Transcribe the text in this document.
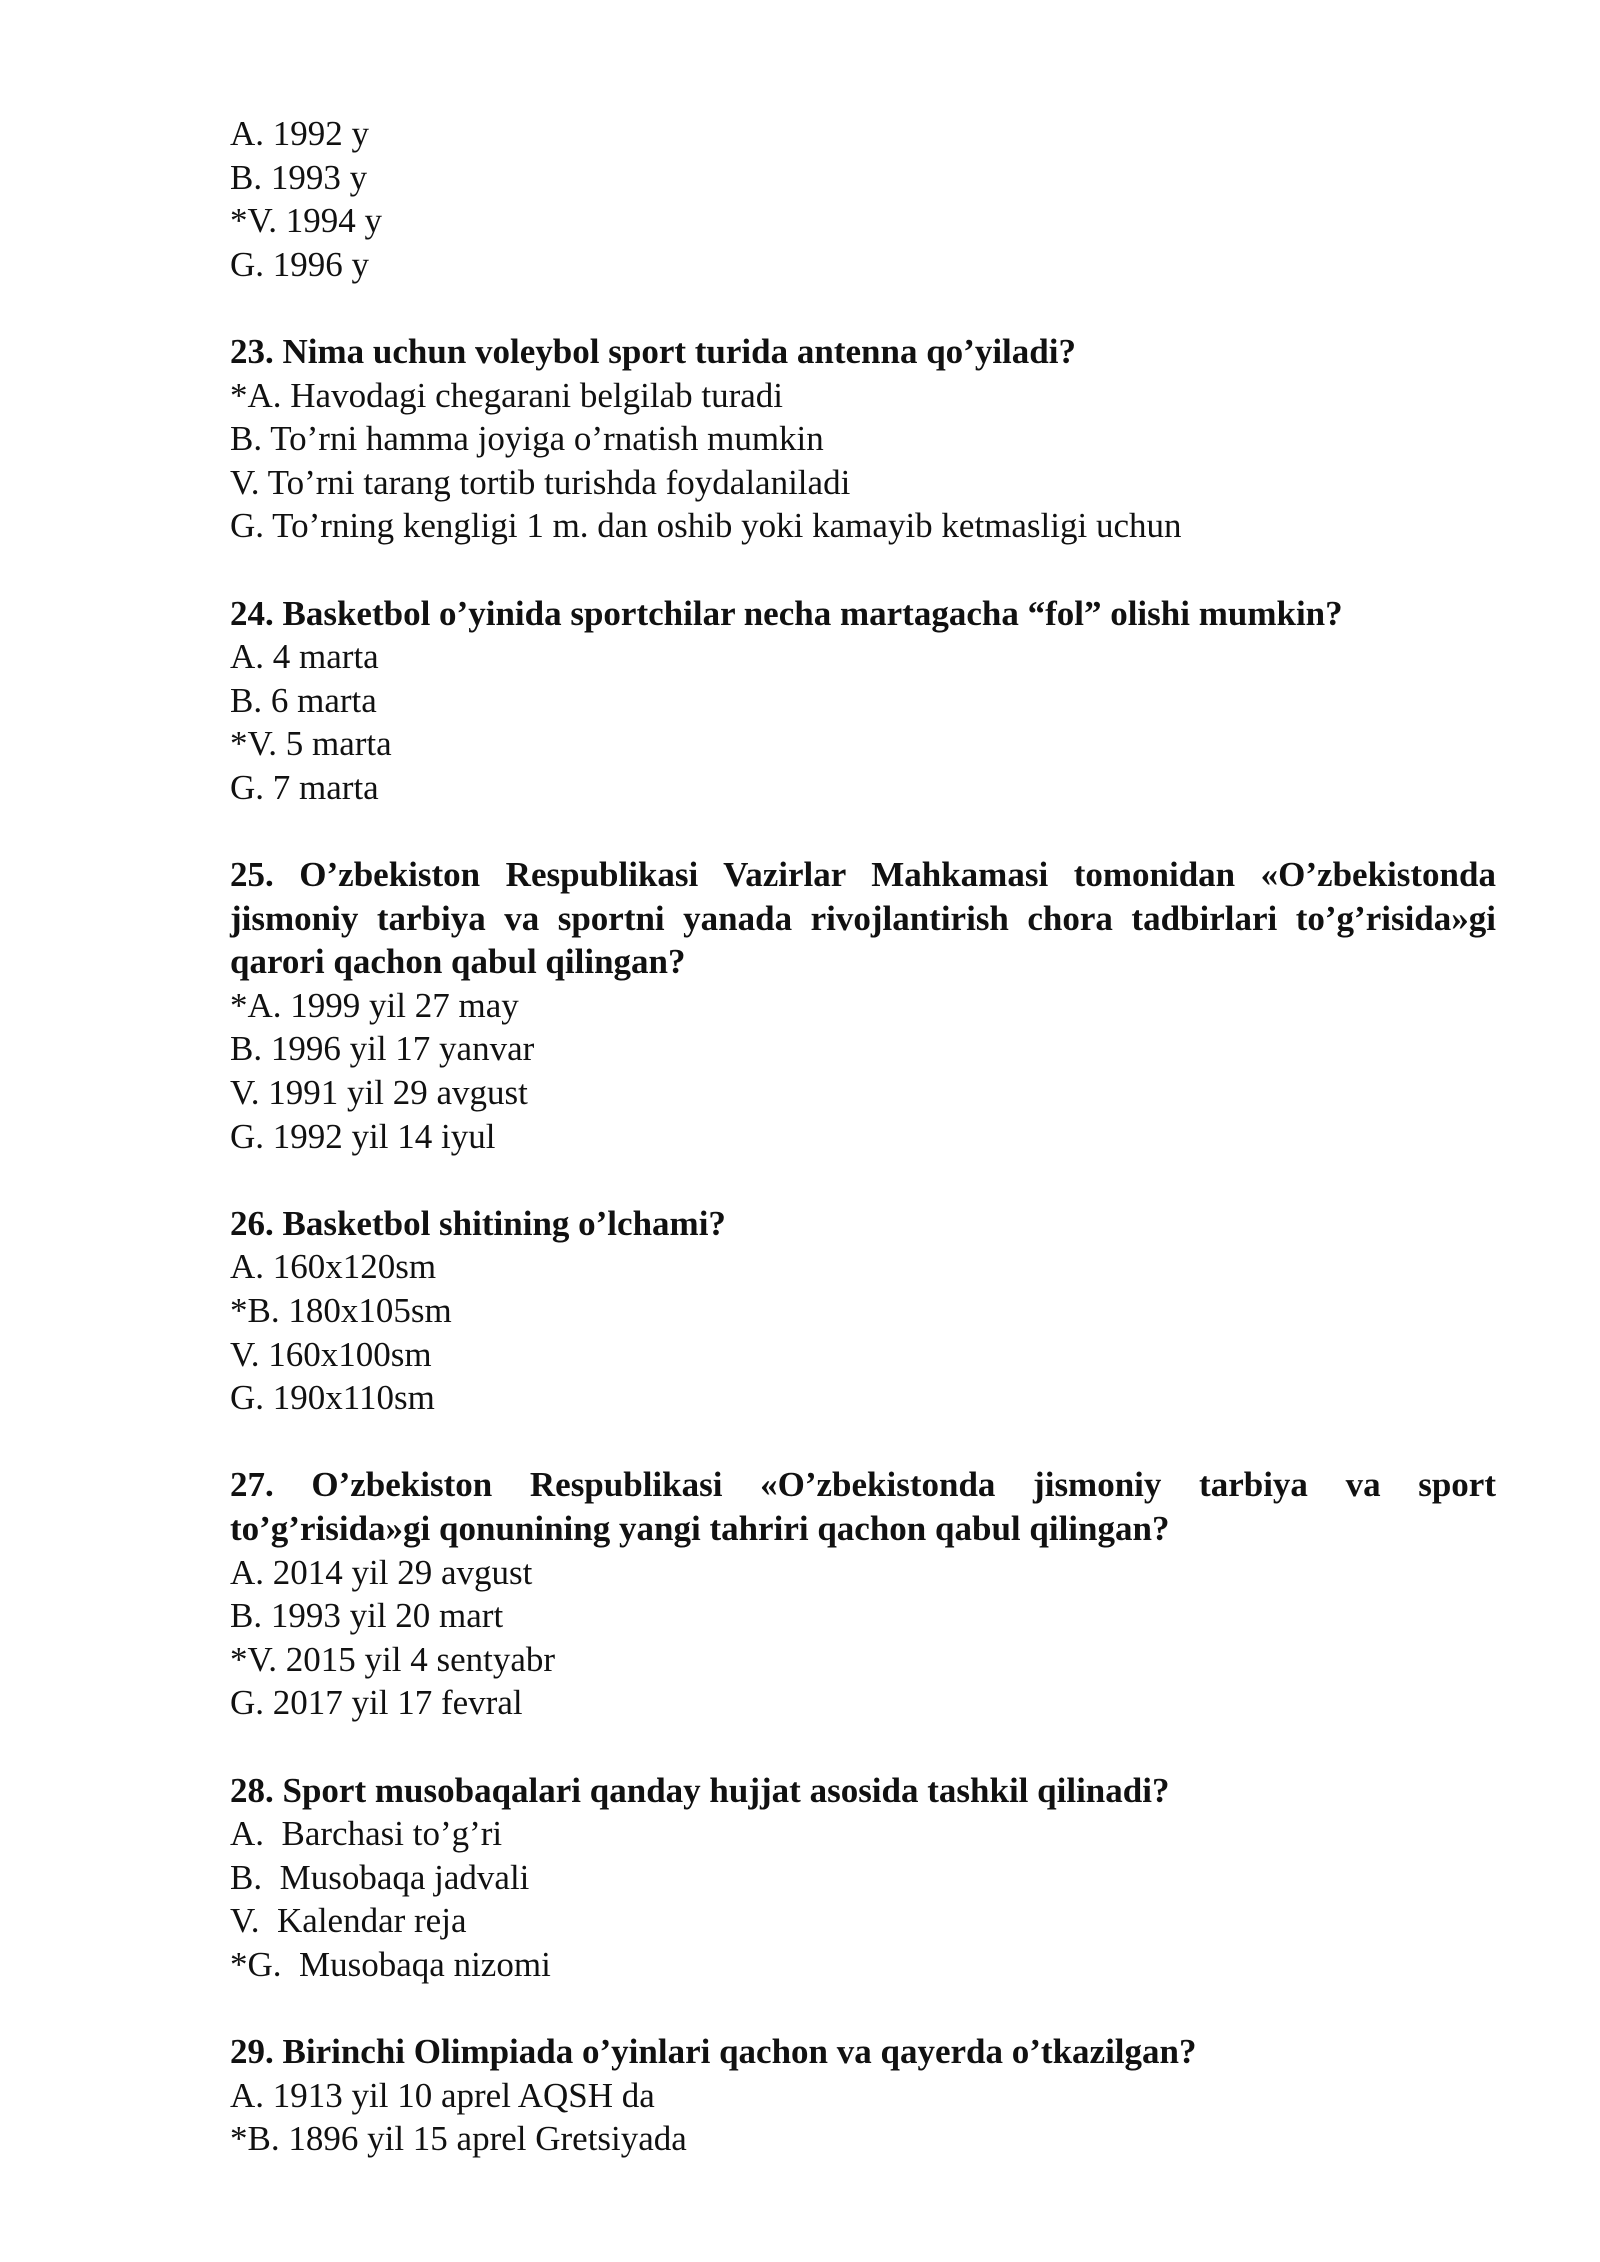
A. 1992 y

B. 1993 y

*V. 1994 y

G. 1996 y

23. Nima uchun voleybol sport turida antenna qo’yiladi?

*A. Havodagi chegarani belgilab turadi

B. To’rni hamma joyiga o’rnatish mumkin

V. To’rni tarang tortib turishda foydalaniladi

G. To’rning kengligi 1 m. dan oshib yoki kamayib ketmasligi uchun

24. Basketbol o’yinida sportchilar necha martagacha “fol” olishi mumkin?

A. 4 marta

B. 6 marta

*V. 5 marta

G. 7 marta

25. O’zbekiston Respublikasi Vazirlar Mahkamasi tomonidan «O’zbekistonda jismoniy tarbiya va sportni yanada rivojlantirish chora tadbirlari to’g’risida»gi qarori qachon qabul qilingan?

*A. 1999 yil 27 may

B. 1996 yil 17 yanvar

V. 1991 yil 29 avgust

G. 1992 yil 14 iyul

26. Basketbol shitining o’lchami?

A. 160x120sm

*B. 180x105sm

V. 160x100sm

G. 190x110sm

27. O’zbekiston Respublikasi «O’zbekistonda jismoniy tarbiya va sport to’g’risida»gi qonunining yangi tahriri qachon qabul qilingan?

A. 2014 yil 29 avgust

B. 1993 yil 20 mart

*V. 2015 yil 4 sentyabr

G. 2017 yil 17 fevral

28. Sport musobaqalari qanday hujjat asosida tashkil qilinadi?

A.  Barchasi to’g’ri

B.  Musobaqa jadvali

V.  Kalendar reja

*G.  Musobaqa nizomi

29. Birinchi Olimpiada o’yinlari qachon va qayerda o’tkazilgan?

A. 1913 yil 10 aprel AQSH da

*B. 1896 yil 15 aprel Gretsiyada
